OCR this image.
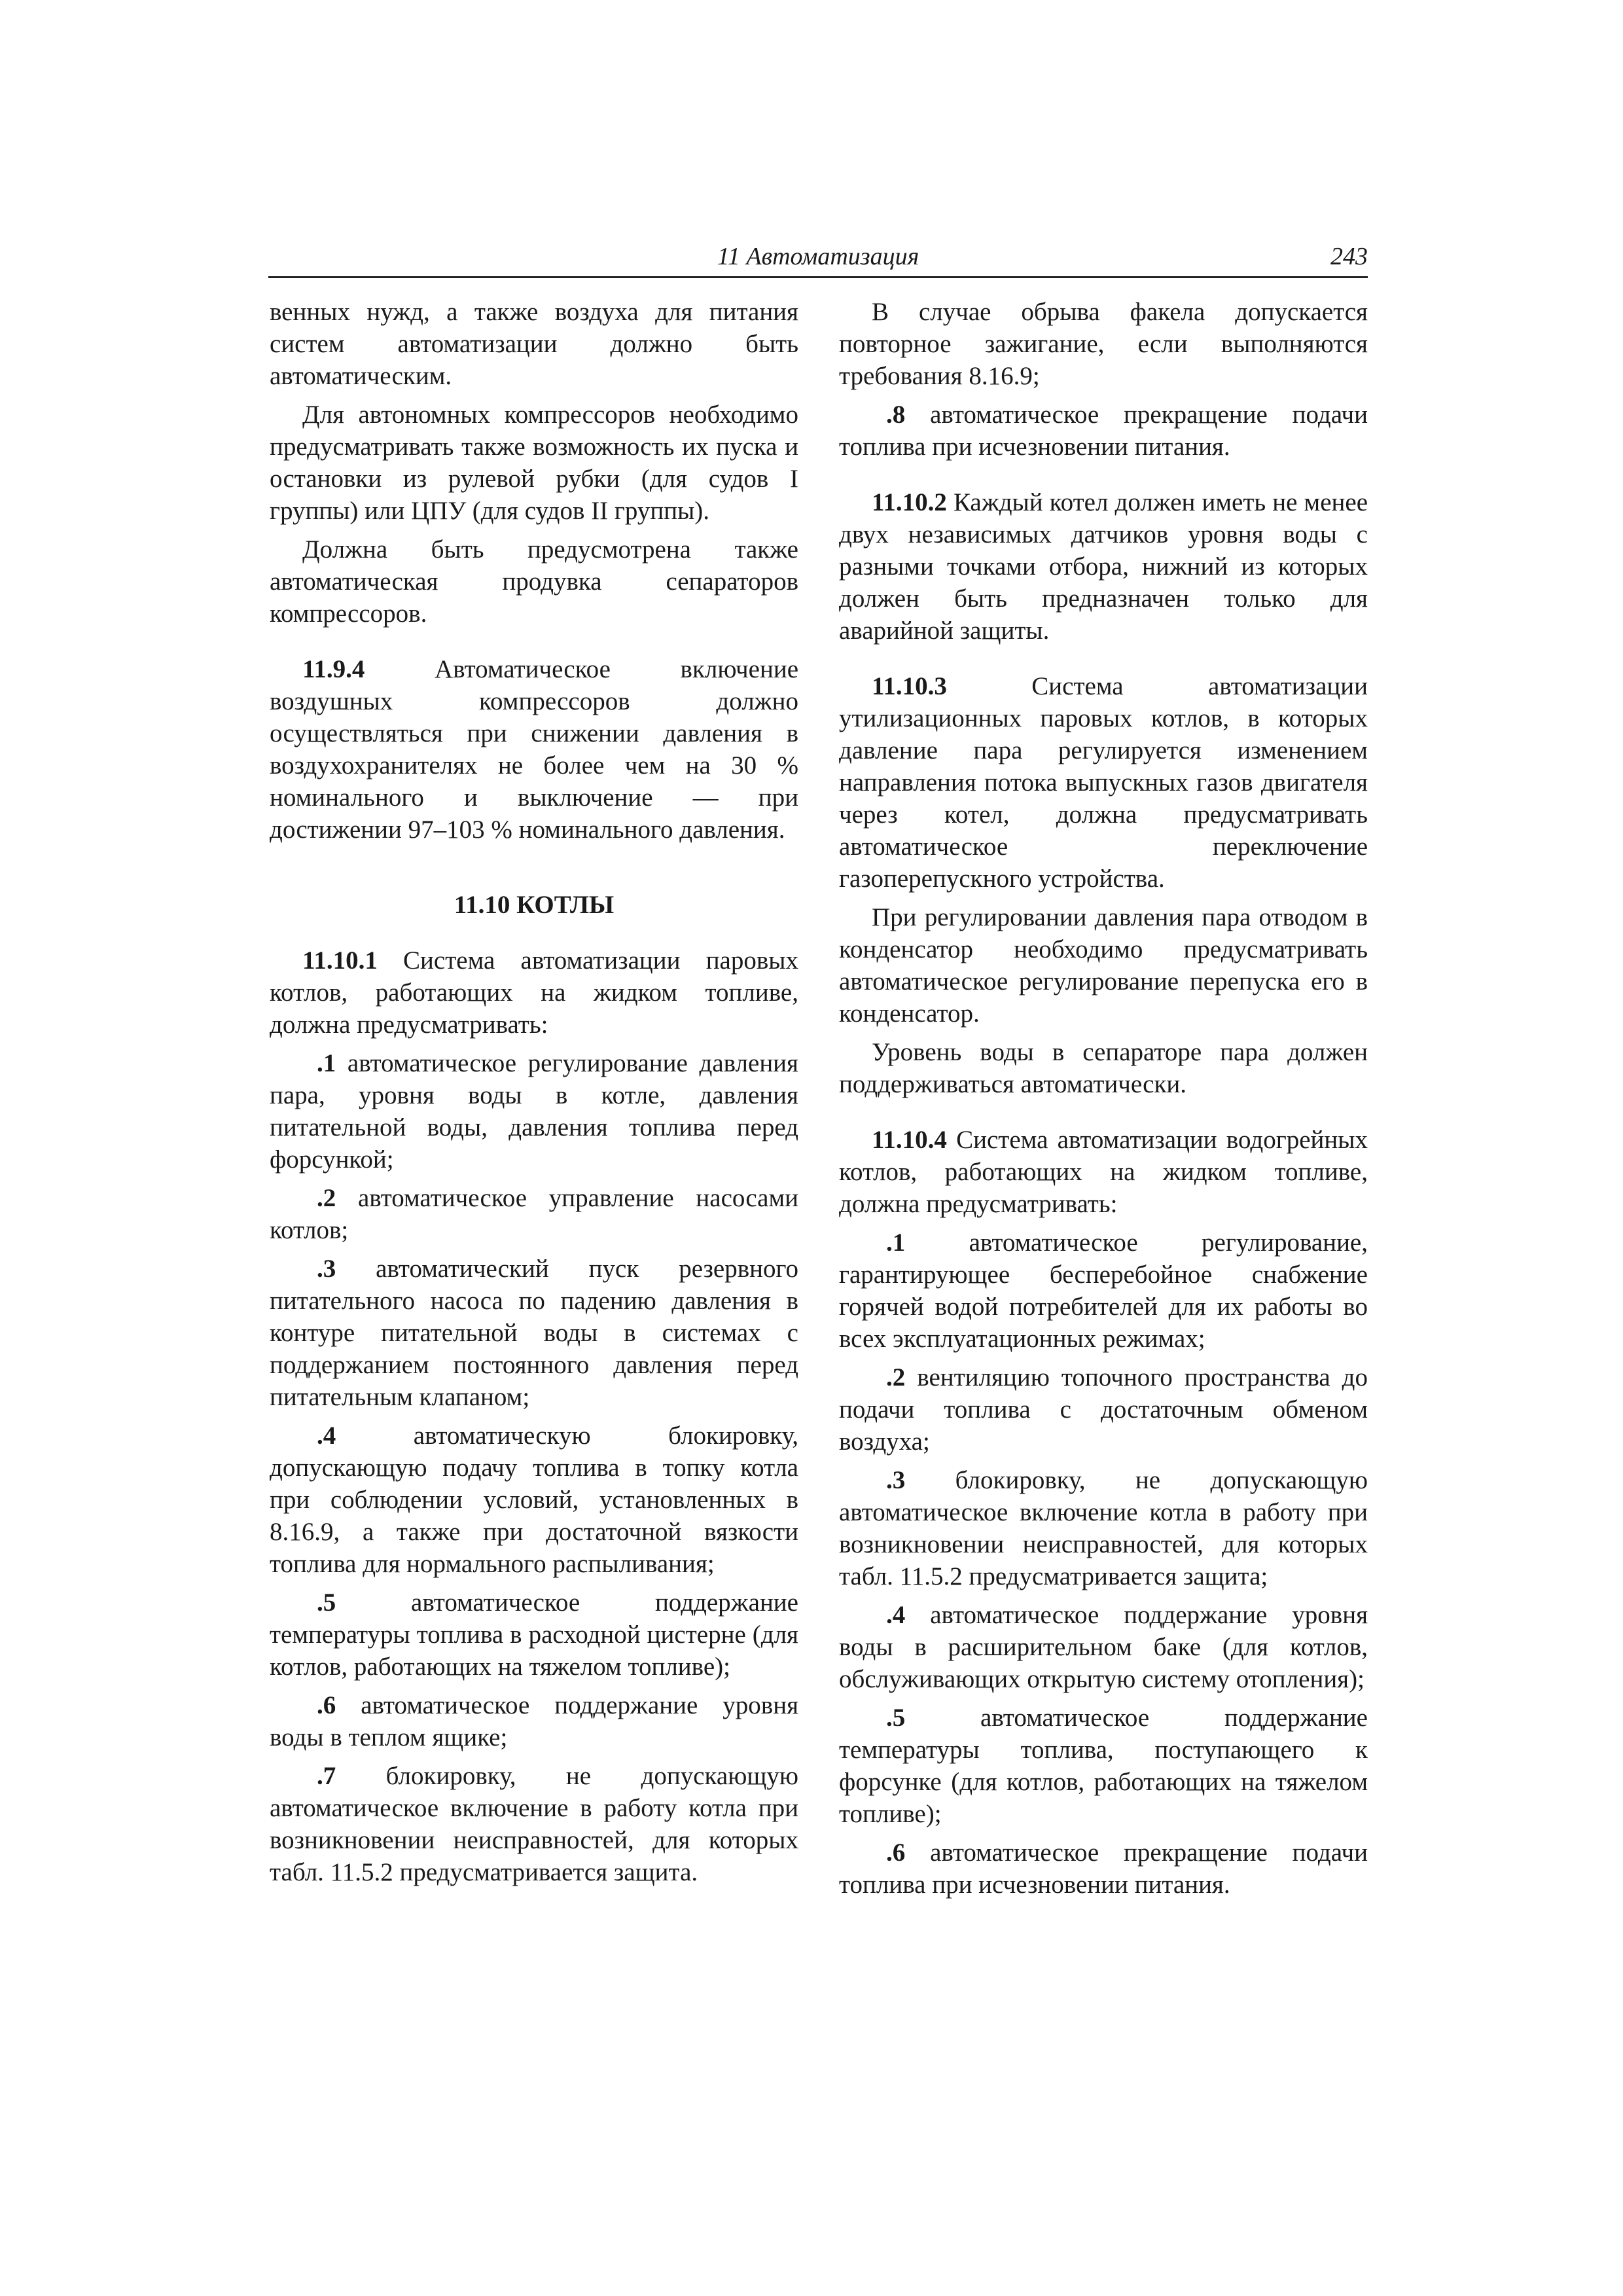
11 Автоматизация	243

венных нужд, а также воздуха для питания систем автоматизации должно быть автоматическим.

Для автономных компрессоров необходимо предусматривать также возможность их пуска и остановки из рулевой рубки (для судов I группы) или ЦПУ (для судов II группы).

Должна быть предусмотрена также автоматическая продувка сепараторов компрессоров.

11.9.4	Автоматическое включение воздушных компрессоров должно осуществляться при снижении давления в воздухохранителях не более чем на 30 % номинального и выключение — при достижении 97–103 % номинального давления.

11.10 КОТЛЫ

11.10.1 Система автоматизации паровых котлов, работающих на жидком топливе, должна предусматривать:

.1 автоматическое регулирование давления пара, уровня воды в котле, давления питательной воды, давления топлива перед форсункой;

.2 автоматическое управление насосами котлов;

.3 автоматический пуск резервного питательного насоса по падению давления в контуре питательной воды в системах с поддержанием постоянного давления перед питательным клапаном;

.4	автоматическую блокировку, допускающую подачу топлива в топку котла при соблюдении условий, установленных в 8.16.9, а также при достаточной вязкости топлива для нормального распыливания;

.5	автоматическое поддержание температуры топлива в расходной цистерне (для котлов, работающих на тяжелом топливе);

.6 автоматическое поддержание уровня воды в теплом ящике;

.7 блокировку, не допускающую автоматическое включение в работу котла при возникновении неисправностей, для которых табл. 11.5.2 предусматривается защита.

В случае обрыва факела допускается повторное зажигание, если выполняются требования 8.16.9;

.8 автоматическое прекращение подачи топлива при исчезновении питания.

11.10.2 Каждый котел должен иметь не менее двух независимых датчиков уровня воды с разными точками отбора, нижний из которых должен быть предназначен только для аварийной защиты.

11.10.3	Система автоматизации утилизационных паровых котлов, в которых давление пара регулируется изменением направления потока выпускных газов двигателя через котел, должна предусматривать автоматическое переключение газоперепускного устройства.

При регулировании давления пара отводом в конденсатор необходимо предусматривать автоматическое регулирование перепуска его в конденсатор.

Уровень воды в сепараторе пара должен поддерживаться автоматически.

11.10.4 Система автоматизации водогрейных котлов, работающих на жидком топливе, должна предусматривать:

.1 автоматическое регулирование, гарантирующее бесперебойное снабжение горячей водой потребителей для их работы во всех эксплуатационных режимах;

.2 вентиляцию топочного пространства до подачи топлива с достаточным обменом воздуха;

.3 блокировку, не допускающую автоматическое включение котла в работу при возникновении неисправностей, для которых табл. 11.5.2 предусматривается защита;

.4 автоматическое поддержание уровня воды в расширительном баке (для котлов, обслуживающих открытую систему отопления);

.5	автоматическое поддержание температуры топлива, поступающего к форсунке (для котлов, работающих на тяжелом топливе);

.6 автоматическое прекращение подачи топлива при исчезновении питания.
